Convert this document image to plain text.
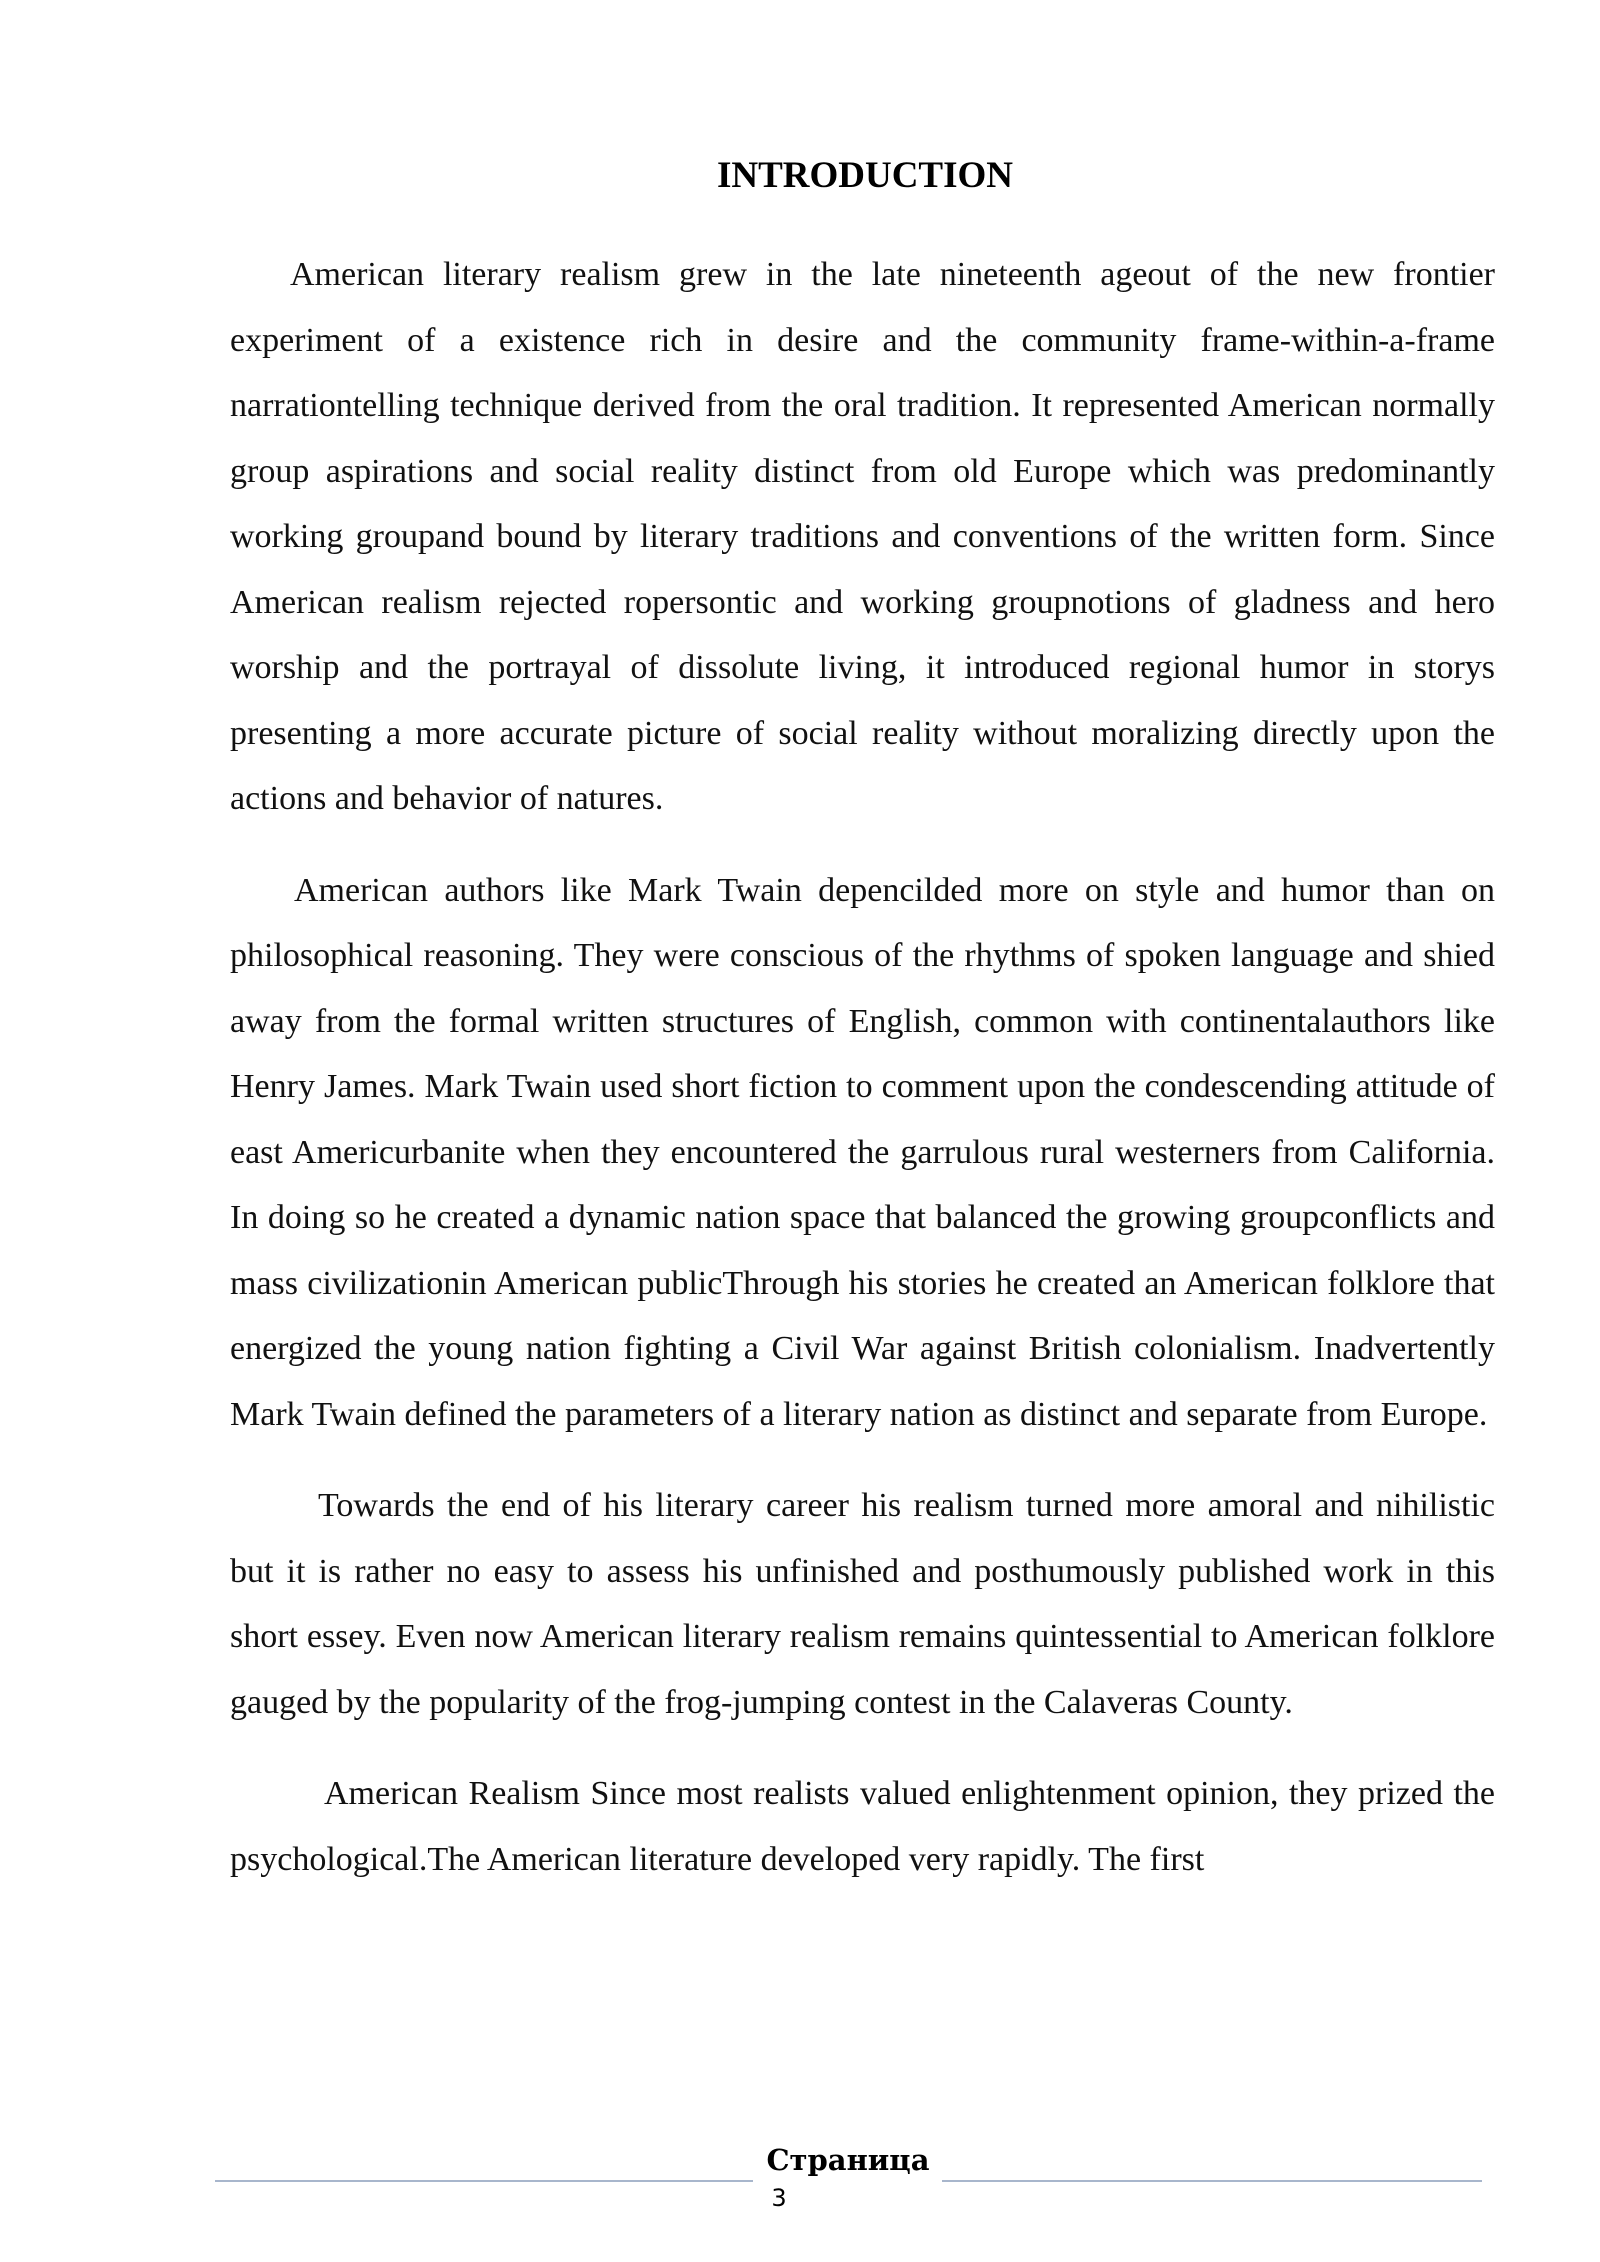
INTRODUCTION

American literary realism grew in the late nineteenth ageout of the new frontier experiment of a existence rich in desire and the community frame-within-a-frame narrationtelling technique derived from the oral tradition. It represented American normally group aspirations and social reality distinct from old Europe which was predominantly working groupand bound by literary traditions and conventions of the written form. Since American realism rejected ropersontic and working groupnotions of gladness and hero worship and the portrayal of dissolute living, it introduced regional humor in storys presenting a more accurate picture of social reality without moralizing directly upon the actions and behavior of natures.

American authors like Mark Twain depencilded more on style and humor than on philosophical reasoning. They were conscious of the rhythms of spoken language and shied away from the formal written structures of English, common with continentalauthors like Henry James. Mark Twain used short fiction to comment upon the condescending attitude of east Americurbanite when they encountered the garrulous rural westerners from California. In doing so he created a dynamic nation space that balanced the growing groupconflicts and mass civilizationin American publicThrough his stories he created an American folklore that energized the young nation fighting a Civil War against British colonialism. Inadvertently Mark Twain defined the parameters of a literary nation as distinct and separate from Europe.

Towards the end of his literary career his realism turned more amoral and nihilistic but it is rather no easy to assess his unfinished and posthumously published work in this short essey. Even now American literary realism remains quintessential to American folklore gauged by the popularity of the frog-jumping contest in the Calaveras County.

American Realism Since most realists valued enlightenment opinion, they prized the psychological.The American literature developed very rapidly. The first

Страница
3
